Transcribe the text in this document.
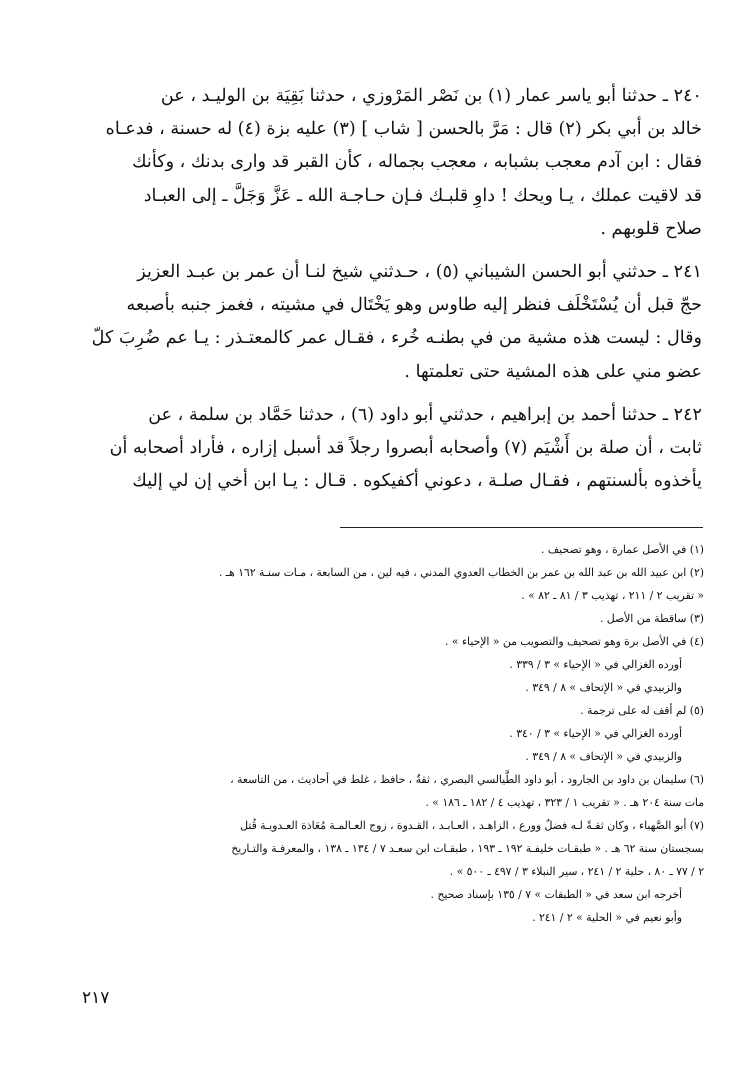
٢٤٠ ـ حدثنا أبو ياسر عمار (١) بن نَصْر المَرْوزي ، حدثنا بَقِيَة بن الوليـد ، عن
خالد بن أبي بكر (٢) قال : مَرَّ بالحسن [ شاب ] (٣) عليه بزة (٤) له حسنة ، فدعـاه
فقال : ابن آدم معجب بشبابه ، معجب بجماله ، كأن القبر قد وارى بدنك ، وكأنك
قد لاقيت عملك ، يـا ويحك ! داوِ قلبـك فـإن حـاجـة الله ـ عَزَّ وَجَلَّ ـ إلى العبـاد
صلاح قلوبهم .

٢٤١ ـ حدثني أبو الحسن الشيباني (٥) ، حـدثني شيخ لنـا أن عمر بن عبـد العزيز
حجّ قبل أن يُسْتَخْلَف فنظر إليه طاوس وهو يَخْتَال في مشيته ، فغمز جنبه بأصبعه
وقال : ليست هذه مشية من في بطنـه خُرء ، فقـال عمر كالمعتـذر : يـا عم ضُرِبَ كلّ
عضو مني على هذه المشية حتى تعلمتها .

٢٤٢ ـ حدثنا أحمد بن إبراهيم ، حدثني أبو داود (٦) ، حدثنا حَمَّاد بن سلمة ، عن
ثابت ، أن صلة بن أَشْيَم (٧) وأصحابه أبصروا رجلاً قد أسبل إزاره ، فأراد أصحابه أن
يأخذوه بألسنتهم ، فقـال صلـة ، دعوني أكفيكوه . قـال : يـا ابن أخي إن لي إليك

(١) في الأصل عمارة ، وهو تصحيف .

(٢) ابن عبيد الله بن عبد الله بن عمر بن الخطاب العدوي المدني ، فيه لين ، من السابعة ، مـات سنـة ١٦٢ هـ .

« تقريب ٢ / ٢١١ ، تهذيب ٣ / ٨١ ـ ٨٢ » .

(٣) ساقطة من الأصل .

(٤) في الأصل برة وهو تصحيف والتصويب من « الإحياء » .

أورده الغزالي في « الإحياء » ٣ / ٣٣٩ .

والزبيدي في « الإتحاف » ٨ / ٣٤٩ .

(٥) لم أقف له على ترجمة .

أورده الغزالي في « الإحياء » ٣ / ٣٤٠ .

والزبيدي في « الإتحاف » ٨ / ٣٤٩ .

(٦) سليمان بن داود بن الجارود ، أبو داود الطَّيالسي البصري ، ثقةٌ ، حافظ ، غلط في أحاديث ، من التاسعة ،

مات سنة ٢٠٤ هـ . « تقريب ١ / ٣٢٣ ، تهذيب ٤ / ١٨٢ ـ ١٨٦ » .

(٧) أبو الصَّهباء ، وكان ثقـةً لـه فضلٌ وورع ، الزاهـد ، العـابـد ، القـدوة ، زوج العـالمـة مُعَاذة العـدويـة قُتل

بسجستان سنة ٦٢ هـ . « طبقـات خليفـة ١٩٢ ـ ١٩٣ ، طبقـات ابن سعـد ٧ / ١٣٤ ـ ١٣٨ ، والمعرفـة والتـاريخ

٢ / ٧٧ ـ ٨٠ ، حلية ٢ / ٢٤١ ، سير النبلاء ٣ / ٤٩٧ ـ ٥٠٠ » .

أخرجه ابن سعد في « الطبقات » ٧ / ١٣٥ بإسناد صحيح .

وأبو نعيم في « الحلية » ٢ / ٢٤١ .

٢١٧
